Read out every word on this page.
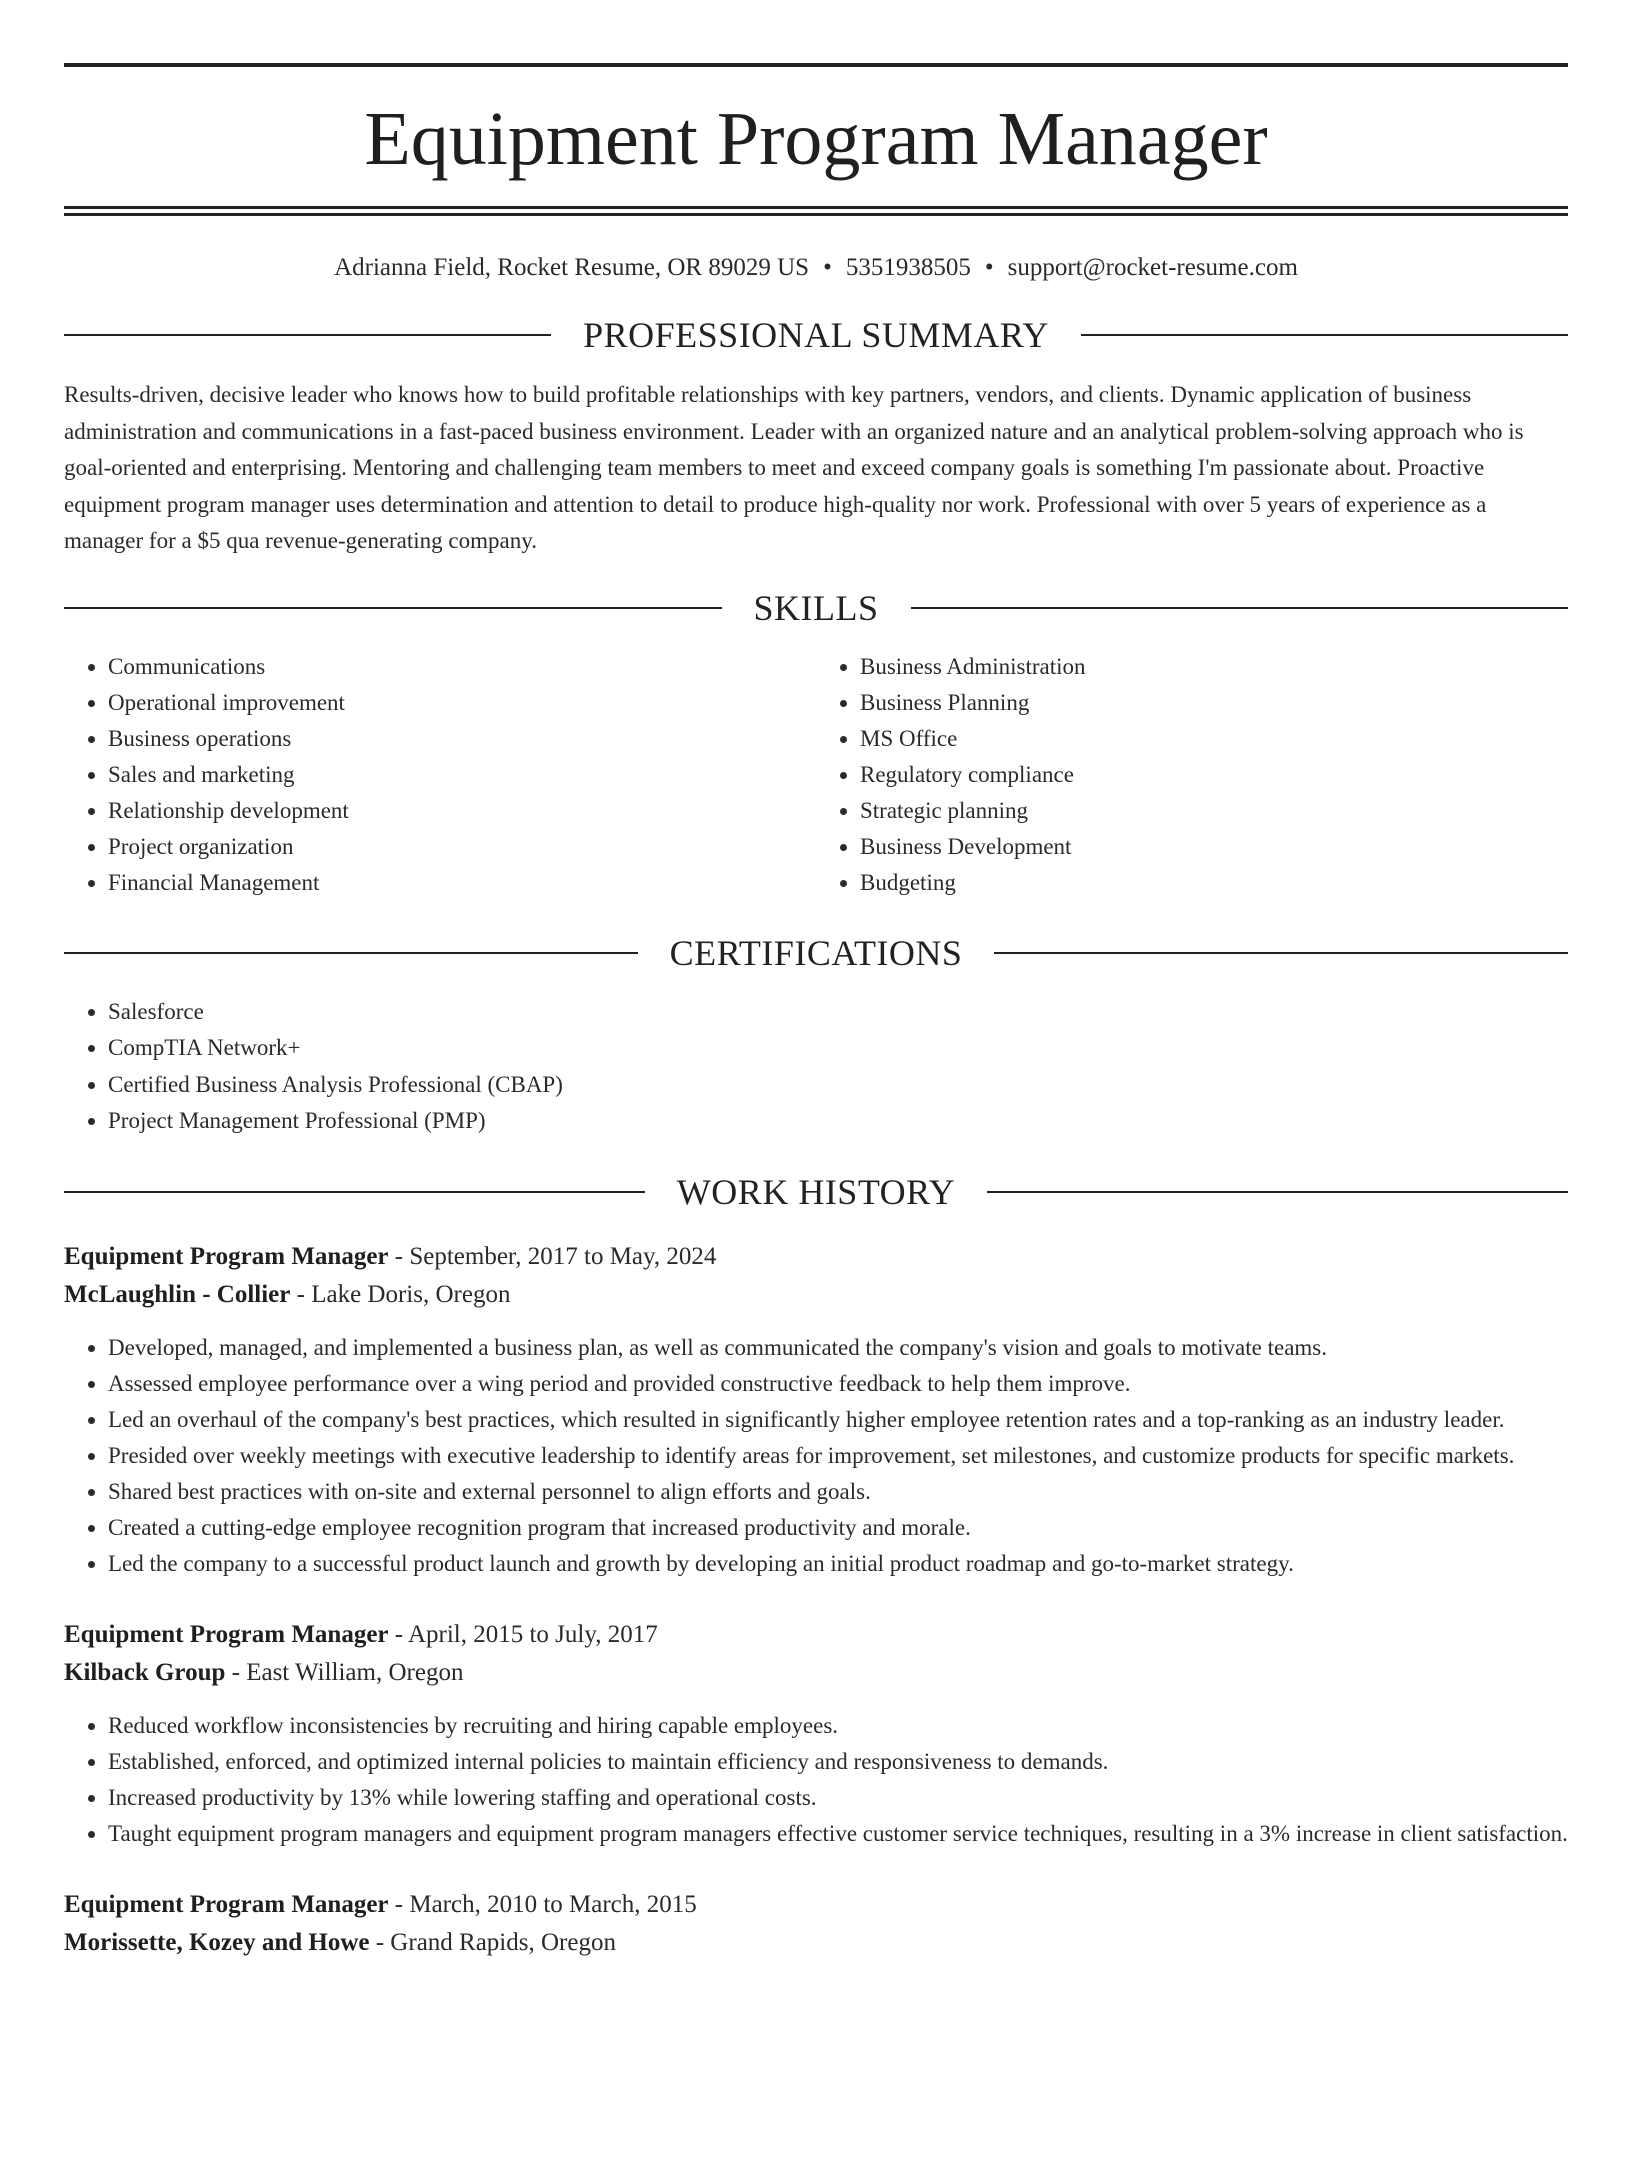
Equipment Program Manager
Adrianna Field, Rocket Resume, OR 89029 US • 5351938505 • support@rocket-resume.com
PROFESSIONAL SUMMARY
Results-driven, decisive leader who knows how to build profitable relationships with key partners, vendors, and clients. Dynamic application of business administration and communications in a fast-paced business environment. Leader with an organized nature and an analytical problem-solving approach who is goal-oriented and enterprising. Mentoring and challenging team members to meet and exceed company goals is something I'm passionate about. Proactive equipment program manager uses determination and attention to detail to produce high-quality nor work. Professional with over 5 years of experience as a manager for a $5 qua revenue-generating company.
SKILLS
• Communications
• Operational improvement
• Business operations
• Sales and marketing
• Relationship development
• Project organization
• Financial Management
• Business Administration
• Business Planning
• MS Office
• Regulatory compliance
• Strategic planning
• Business Development
• Budgeting
CERTIFICATIONS
• Salesforce
• CompTIA Network+
• Certified Business Analysis Professional (CBAP)
• Project Management Professional (PMP)
WORK HISTORY
Equipment Program Manager - September, 2017 to May, 2024
McLaughlin - Collier - Lake Doris, Oregon
• Developed, managed, and implemented a business plan, as well as communicated the company's vision and goals to motivate teams.
• Assessed employee performance over a wing period and provided constructive feedback to help them improve.
• Led an overhaul of the company's best practices, which resulted in significantly higher employee retention rates and a top-ranking as an industry leader.
• Presided over weekly meetings with executive leadership to identify areas for improvement, set milestones, and customize products for specific markets.
• Shared best practices with on-site and external personnel to align efforts and goals.
• Created a cutting-edge employee recognition program that increased productivity and morale.
• Led the company to a successful product launch and growth by developing an initial product roadmap and go-to-market strategy.
Equipment Program Manager - April, 2015 to July, 2017
Kilback Group - East William, Oregon
• Reduced workflow inconsistencies by recruiting and hiring capable employees.
• Established, enforced, and optimized internal policies to maintain efficiency and responsiveness to demands.
• Increased productivity by 13% while lowering staffing and operational costs.
• Taught equipment program managers and equipment program managers effective customer service techniques, resulting in a 3% increase in client satisfaction.
Equipment Program Manager - March, 2010 to March, 2015
Morissette, Kozey and Howe - Grand Rapids, Oregon
